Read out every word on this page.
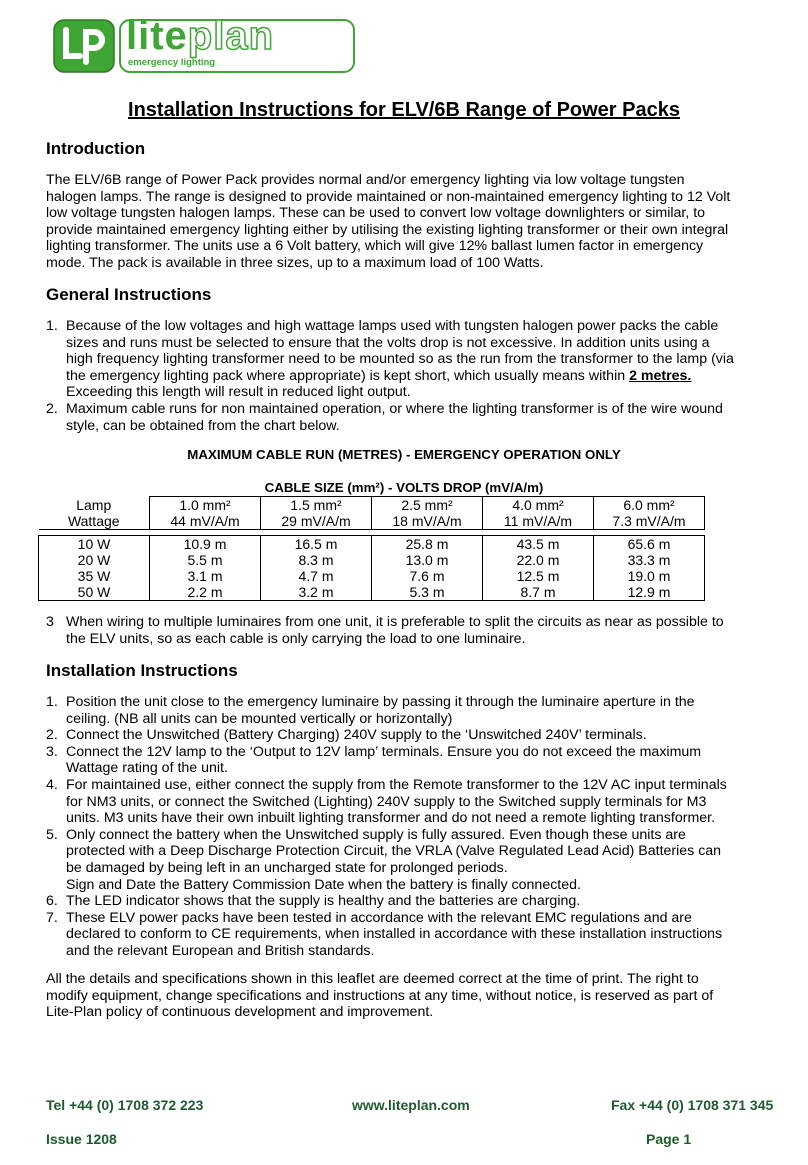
liteplan
emergency lighting
Installation Instructions for ELV/6B Range of Power Packs
Introduction
The ELV/6B range of Power Pack provides normal and/or emergency lighting via low voltage tungsten
halogen lamps. The range is designed to provide maintained or non-maintained emergency lighting to 12 Volt
low voltage tungsten halogen lamps. These can be used to convert low voltage downlighters or similar, to
provide maintained emergency lighting either by utilising the existing lighting transformer or their own integral
lighting transformer. The units use a 6 Volt battery, which will give 12% ballast lumen factor in emergency
mode. The pack is available in three sizes, up to a maximum load of 100 Watts.
General Instructions
1. Because of the low voltages and high wattage lamps used with tungsten halogen power packs the cable
sizes and runs must be selected to ensure that the volts drop is not excessive. In addition units using a
high frequency lighting transformer need to be mounted so as the run from the transformer to the lamp (via
the emergency lighting pack where appropriate) is kept short, which usually means within 2 metres.
Exceeding this length will result in reduced light output.
2. Maximum cable runs for non maintained operation, or where the lighting transformer is of the wire wound
style, can be obtained from the chart below.
MAXIMUM CABLE RUN (METRES) - EMERGENCY OPERATION ONLY
CABLE SIZE (mm²) - VOLTS DROP (mV/A/m)
Lamp	1.0 mm²	1.5 mm²	2.5 mm²	4.0 mm²	6.0 mm²
Wattage	44 mV/A/m	29 mV/A/m	18 mV/A/m	11 mV/A/m	7.3 mV/A/m

10 W	10.9 m	16.5 m	25.8 m	43.5 m	65.6 m
20 W	5.5 m	8.3 m	13.0 m	22.0 m	33.3 m
35 W	3.1 m	4.7 m	7.6 m	12.5 m	19.0 m
50 W	2.2 m	3.2 m	5.3 m	8.7 m	12.9 m
3 When wiring to multiple luminaires from one unit, it is preferable to split the circuits as near as possible to
the ELV units, so as each cable is only carrying the load to one luminaire.
Installation Instructions
1. Position the unit close to the emergency luminaire by passing it through the luminaire aperture in the
ceiling. (NB all units can be mounted vertically or horizontally)
2. Connect the Unswitched (Battery Charging) 240V supply to the ‘Unswitched 240V’ terminals.
3. Connect the 12V lamp to the ‘Output to 12V lamp’ terminals. Ensure you do not exceed the maximum
Wattage rating of the unit.
4. For maintained use, either connect the supply from the Remote transformer to the 12V AC input terminals
for NM3 units, or connect the Switched (Lighting) 240V supply to the Switched supply terminals for M3
units. M3 units have their own inbuilt lighting transformer and do not need a remote lighting transformer.
5. Only connect the battery when the Unswitched supply is fully assured. Even though these units are
protected with a Deep Discharge Protection Circuit, the VRLA (Valve Regulated Lead Acid) Batteries can
be damaged by being left in an uncharged state for prolonged periods.
Sign and Date the Battery Commission Date when the battery is finally connected.
6. The LED indicator shows that the supply is healthy and the batteries are charging.
7. These ELV power packs have been tested in accordance with the relevant EMC regulations and are
declared to conform to CE requirements, when installed in accordance with these installation instructions
and the relevant European and British standards.
All the details and specifications shown in this leaflet are deemed correct at the time of print. The right to
modify equipment, change specifications and instructions at any time, without notice, is reserved as part of
Lite-Plan policy of continuous development and improvement.
Tel +44 (0) 1708 372 223	www.liteplan.com	Fax +44 (0) 1708 371 345
Issue 1208	Page 1
